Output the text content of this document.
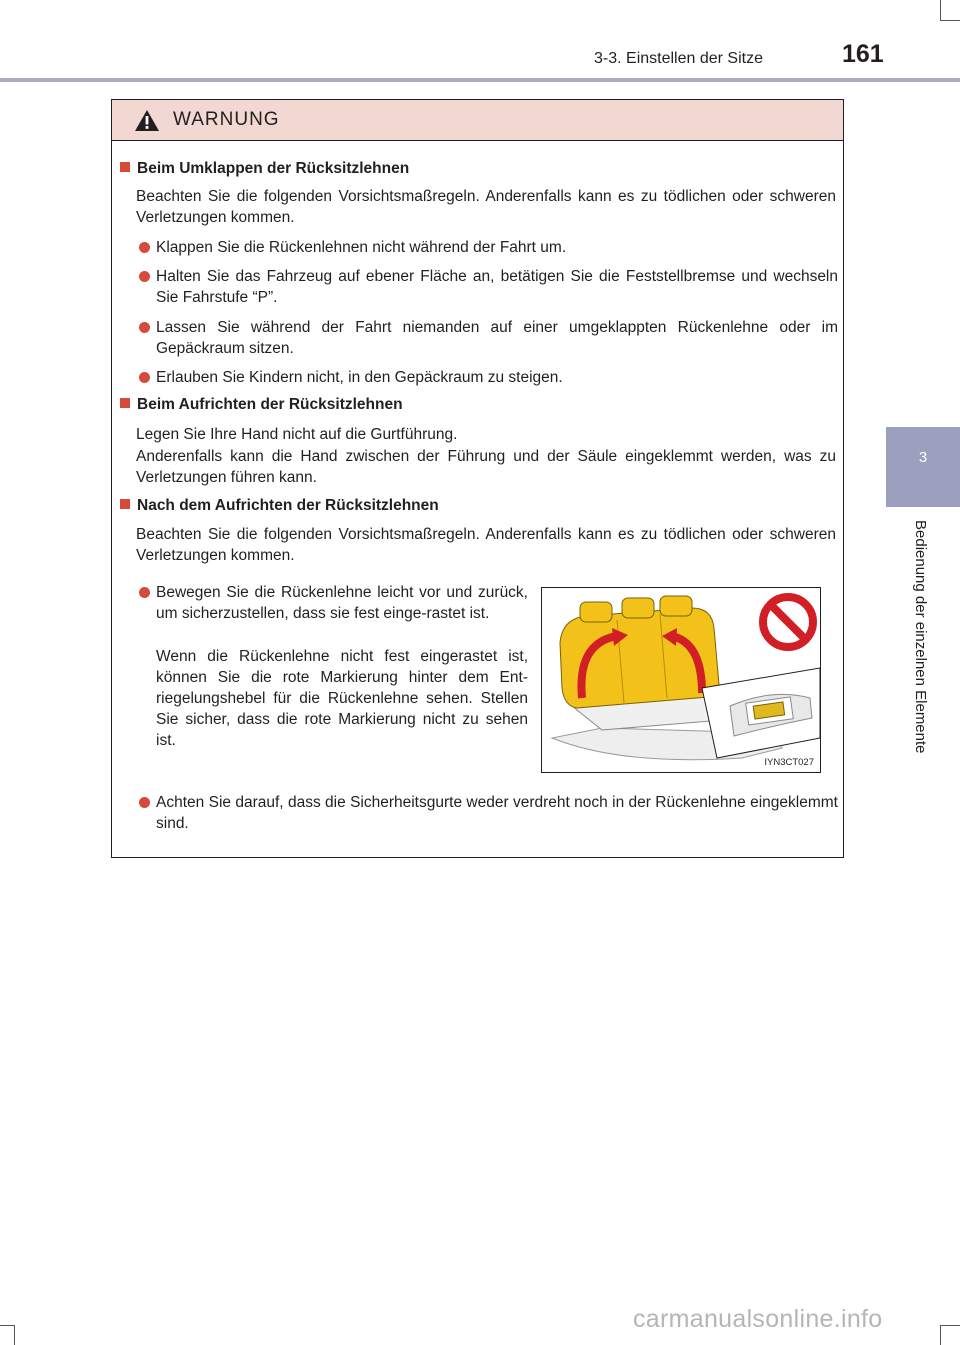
3-3. Einstellen der Sitze	161
3
Bedienung der einzelnen Elemente
WARNUNG
Beim Umklappen der Rücksitzlehnen
Beachten Sie die folgenden Vorsichtsmaßregeln. Anderenfalls kann es zu tödlichen oder schweren Verletzungen kommen.
Klappen Sie die Rückenlehnen nicht während der Fahrt um.
Halten Sie das Fahrzeug auf ebener Fläche an, betätigen Sie die Feststellbremse und wechseln Sie Fahrstufe “P”.
Lassen Sie während der Fahrt niemanden auf einer umgeklappten Rückenlehne oder im Gepäckraum sitzen.
Erlauben Sie Kindern nicht, in den Gepäckraum zu steigen.
Beim Aufrichten der Rücksitzlehnen
Legen Sie Ihre Hand nicht auf die Gurtführung.
Anderenfalls kann die Hand zwischen der Führung und der Säule eingeklemmt werden, was zu Verletzungen führen kann.
Nach dem Aufrichten der Rücksitzlehnen
Beachten Sie die folgenden Vorsichtsmaßregeln. Anderenfalls kann es zu tödlichen oder schweren Verletzungen kommen.
Bewegen Sie die Rückenlehne leicht vor und zurück, um sicherzustellen, dass sie fest einge-rastet ist.
Wenn die Rückenlehne nicht fest eingerastet ist, können Sie die rote Markierung hinter dem Ent-riegelungshebel für die Rückenlehne sehen. Stellen Sie sicher, dass die rote Markierung nicht zu sehen ist.
IYN3CT027
Achten Sie darauf, dass die Sicherheitsgurte weder verdreht noch in der Rückenlehne eingeklemmt sind.
carmanualsonline.info
